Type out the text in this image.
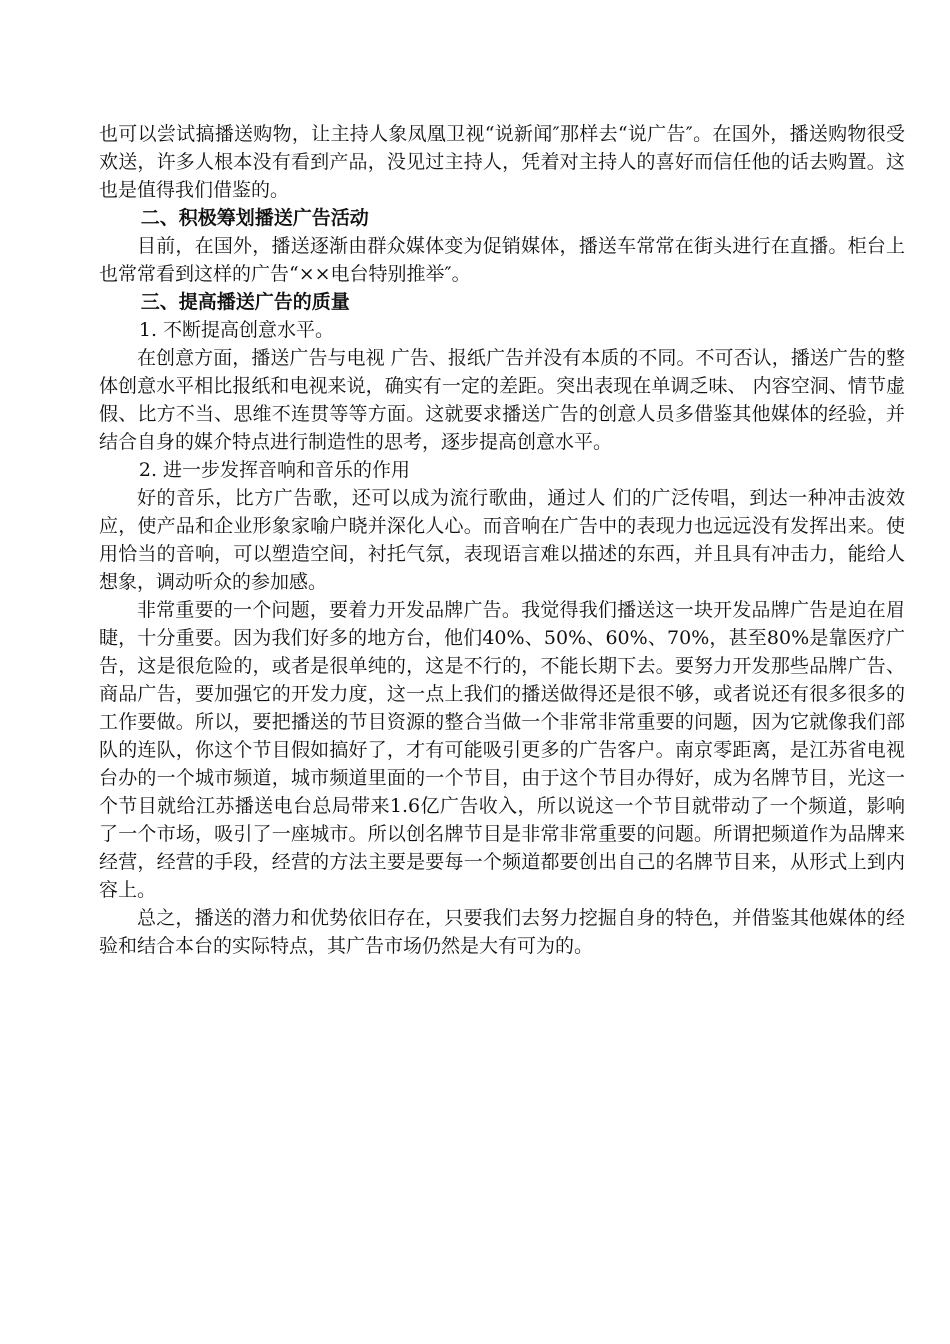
也可以尝试搞播送购物，让主持人象凤凰卫视“说新闻″那样去“说广告″。在国外，播送购物很受欢送，许多人根本没有看到产品，没见过主持人，凭着对主持人的喜好而信任他的话去购置。这也是值得我们借鉴的。

二、积极筹划播送广告活动

目前，在国外，播送逐渐由群众媒体变为促销媒体，播送车常常在街头进行在直播。柜台上也常常看到这样的广告“××电台特别推举″。

三、提高播送广告的质量

1. 不断提高创意水平。

在创意方面，播送广告与电视 广告、报纸广告并没有本质的不同。不可否认，播送广告的整体创意水平相比报纸和电视来说，确实有一定的差距。突出表现在单调乏味、 内容空洞、情节虚假、比方不当、思维不连贯等等方面。这就要求播送广告的创意人员多借鉴其他媒体的经验，并结合自身的媒介特点进行制造性的思考，逐步提高创意水平。

2. 进一步发挥音响和音乐的作用

好的音乐，比方广告歌，还可以成为流行歌曲，通过人 们的广泛传唱，到达一种冲击波效应，使产品和企业形象家喻户晓并深化人心。而音响在广告中的表现力也远远没有发挥出来。使用恰当的音响，可以塑造空间，衬托气氛，表现语言难以描述的东西，并且具有冲击力，能给人想象，调动听众的参加感。

非常重要的一个问题，要着力开发品牌广告。我觉得我们播送这一块开发品牌广告是迫在眉睫，十分重要。因为我们好多的地方台，他们40%、50%、60%、70%，甚至80%是靠医疗广告，这是很危险的，或者是很单纯的，这是不行的，不能长期下去。要努力开发那些品牌广告、商品广告，要加强它的开发力度，这一点上我们的播送做得还是很不够，或者说还有很多很多的工作要做。所以，要把播送的节目资源的整合当做一个非常非常重要的问题，因为它就像我们部队的连队，你这个节目假如搞好了，才有可能吸引更多的广告客户。南京零距离，是江苏省电视台办的一个城市频道，城市频道里面的一个节目，由于这个节目办得好，成为名牌节目，光这一个节目就给江苏播送电台总局带来1.6亿广告收入，所以说这一个节目就带动了一个频道，影响了一个市场，吸引了一座城市。所以创名牌节目是非常非常重要的问题。所谓把频道作为品牌来经营，经营的手段，经营的方法主要是要每一个频道都要创出自己的名牌节目来，从形式上到内容上。

总之，播送的潜力和优势依旧存在，只要我们去努力挖掘自身的特色，并借鉴其他媒体的经验和结合本台的实际特点，其广告市场仍然是大有可为的。
